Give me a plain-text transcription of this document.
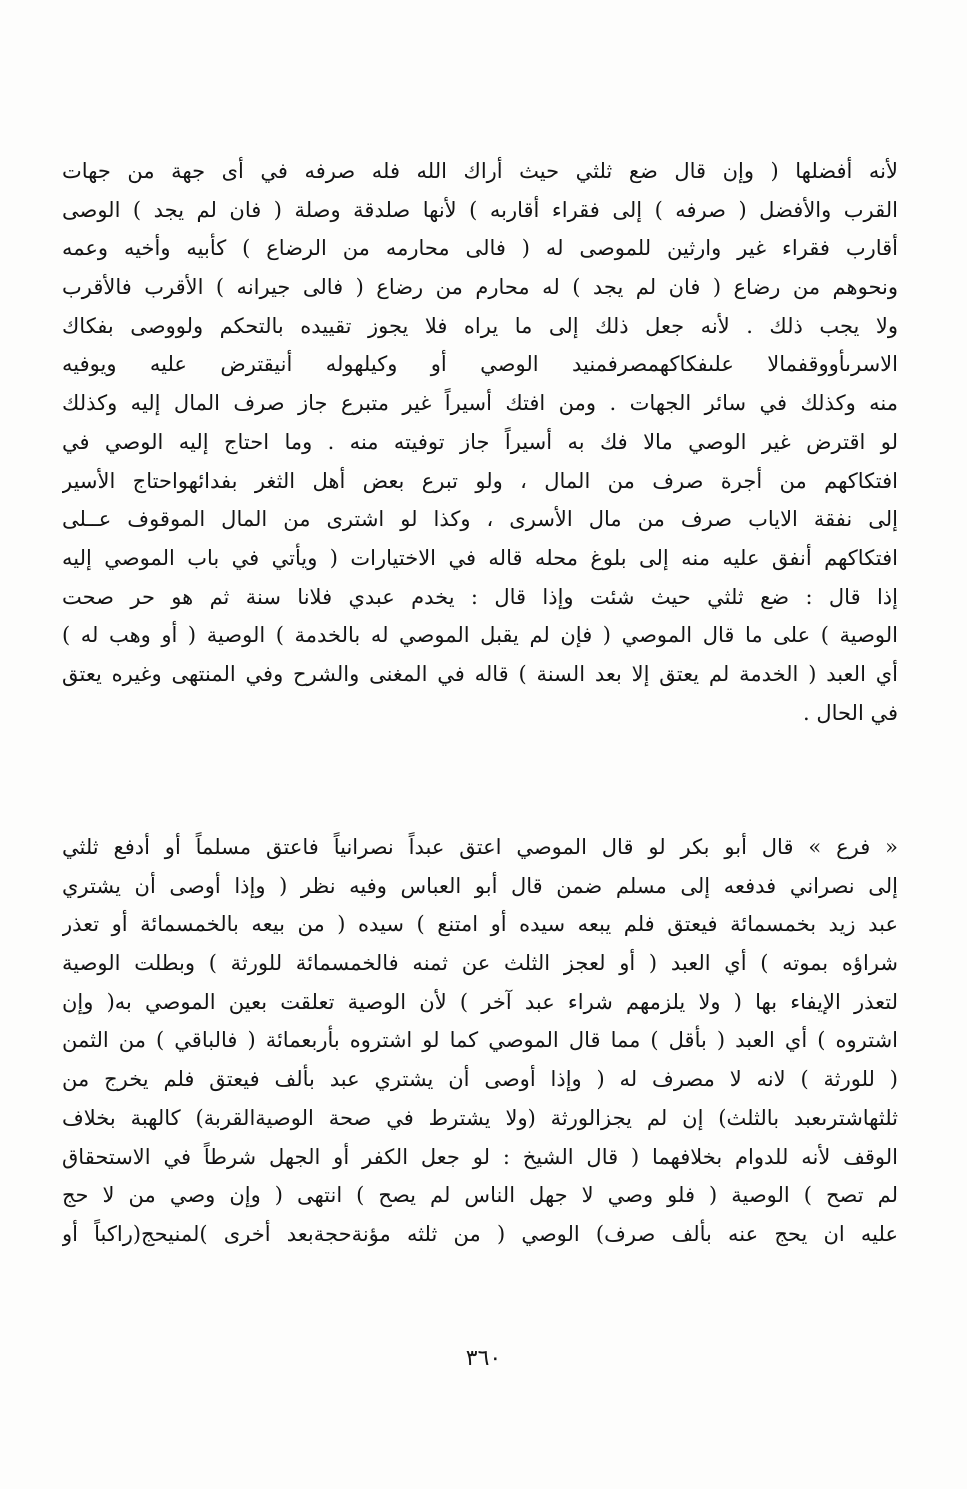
لأنه أفضلها ( وإن قال ضع ثلثي حيث أراك الله فله صرفه في أى جهة من جهات
القرب والأفضل ( صرفه ) إلى فقراء أقاربه ) لأنها صلدقة وصلة ( فان لم يجد ) الوصى
أقارب فقراء غير وارثين للموصى له ( فالى محارمه من الرضاع ) كأبيه وأخيه وعمه
ونحوهم من رضاع ( فان لم يجد ) له محارم من رضاع ( فالى جيرانه ) الأقرب فالأقرب
ولا يجب ذلك . لأنه جعل ذلك إلى ما يراه فلا يجوز تقييده بالتحكم ولووصى بفكاك
الاسرىأووقفمالا علىفكاكهمصرفمنيد الوصي أو وكيلهوله أنيقترض عليه ويوفيه
منه وكذلك في سائر الجهات . ومن افتك أسيراً غير متبرع جاز صرف المال إليه وكذلك
لو اقترض غير الوصي مالا فك به أسيراً جاز توفيته منه . وما احتاج إليه الوصي في
افتكاكهم من أجرة صرف من المال ، ولو تبرع بعض أهل الثغر بفدائهواحتاج الأسير
إلى نفقة الاياب صرف من مال الأسرى ، وكذا لو اشترى من المال الموقوف عــلى
افتكاكهم أنفق عليه منه إلى بلوغ محله قاله في الاختيارات ( ويأتي في باب الموصي إليه
إذا قال : ضع ثلثي حيث شئت وإذا قال : يخدم عبدي فلانا سنة ثم هو حر صحت
الوصية ) على ما قال الموصي ( فإن لم يقبل الموصي له بالخدمة ) الوصية ( أو وهب له )
أي العبد ( الخدمة لم يعتق إلا بعد السنة ) قاله في المغنى والشرح وفي المنتهى وغيره يعتق
في الحال .
« فرع » قال أبو بكر لو قال الموصي اعتق عبداً نصرانياً فاعتق مسلماً أو أدفع ثلثي
إلى نصراني فدفعه إلى مسلم ضمن قال أبو العباس وفيه نظر ( وإذا أوصى أن يشتري
عبد زيد بخمسمائة فيعتق فلم يبعه سيده أو امتنع ) سيده ( من بيعه بالخمسمائة أو تعذر
شراؤه بموته ) أي العبد ( أو لعجز الثلث عن ثمنه فالخمسمائة للورثة ) وبطلت الوصية
لتعذر الإيفاء بها ( ولا يلزمهم شراء عبد آخر ) لأن الوصية تعلقت بعين الموصي به( وإن
اشتروه ) أي العبد ( بأقل ) مما قال الموصي كما لو اشتروه بأربعمائة ( فالباقي ) من الثمن
( للورثة ) لانه لا مصرف له ( وإذا أوصى أن يشتري عبد بألف فيعتق فلم يخرج من
ثلثهاشترىعبد بالثلث) إن لم يجزالورثة (ولا يشترط في صحة الوصيةالقربة) كالهبة بخلاف
الوقف لأنه للدوام بخلافهما ( قال الشيخ : لو جعل الكفر أو الجهل شرطاً في الاستحقاق
لم تصح ) الوصية ( فلو وصي لا جهل الناس لم يصح ) انتهى ( وإن وصي من لا حج
عليه ان يحج عنه بألف صرف) الوصي ( من ثلثه مؤنةحجةبعد أخرى )لمنيحج(راكباً أو
٣٦٠
